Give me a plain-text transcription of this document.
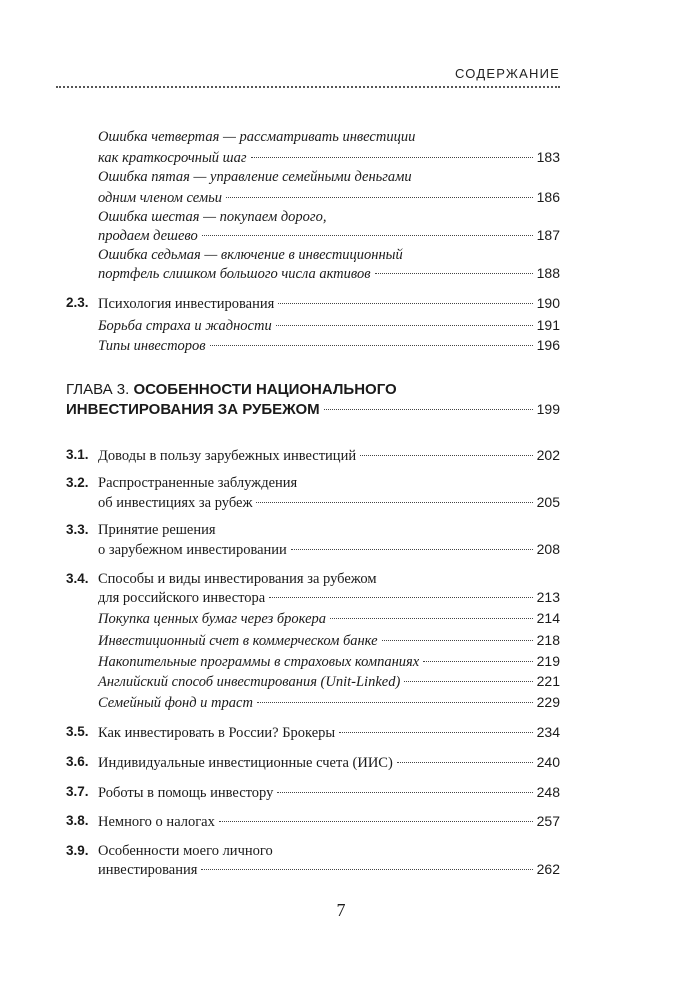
СОДЕРЖАНИЕ
Ошибка четвертая — рассматривать инвестиции
как краткосрочный шаг	183
Ошибка пятая — управление семейными деньгами
одним членом семьи	186
Ошибка шестая — покупаем дорого,
продаем дешево	187
Ошибка седьмая — включение в инвестиционный
портфель слишком большого числа активов	188
2.3. Психология инвестирования	190
Борьба страха и жадности	191
Типы инвесторов	196
ГЛАВА 3. ОСОБЕННОСТИ НАЦИОНАЛЬНОГО
ИНВЕСТИРОВАНИЯ ЗА РУБЕЖОМ	199
3.1. Доводы в пользу зарубежных инвестиций	202
3.2. Распространенные заблуждения
об инвестициях за рубеж	205
3.3. Принятие решения
о зарубежном инвестировании	208
3.4. Способы и виды инвестирования за рубежом
для российского инвестора	213
Покупка ценных бумаг через брокера	214
Инвестиционный счет в коммерческом банке	218
Накопительные программы в страховых компаниях	219
Английский способ инвестирования (Unit-Linked)	221
Семейный фонд и траст	229
3.5. Как инвестировать в России? Брокеры	234
3.6. Индивидуальные инвестиционные счета (ИИС)	240
3.7. Роботы в помощь инвестору	248
3.8. Немного о налогах	257
3.9. Особенности моего личного
инвестирования	262
7
